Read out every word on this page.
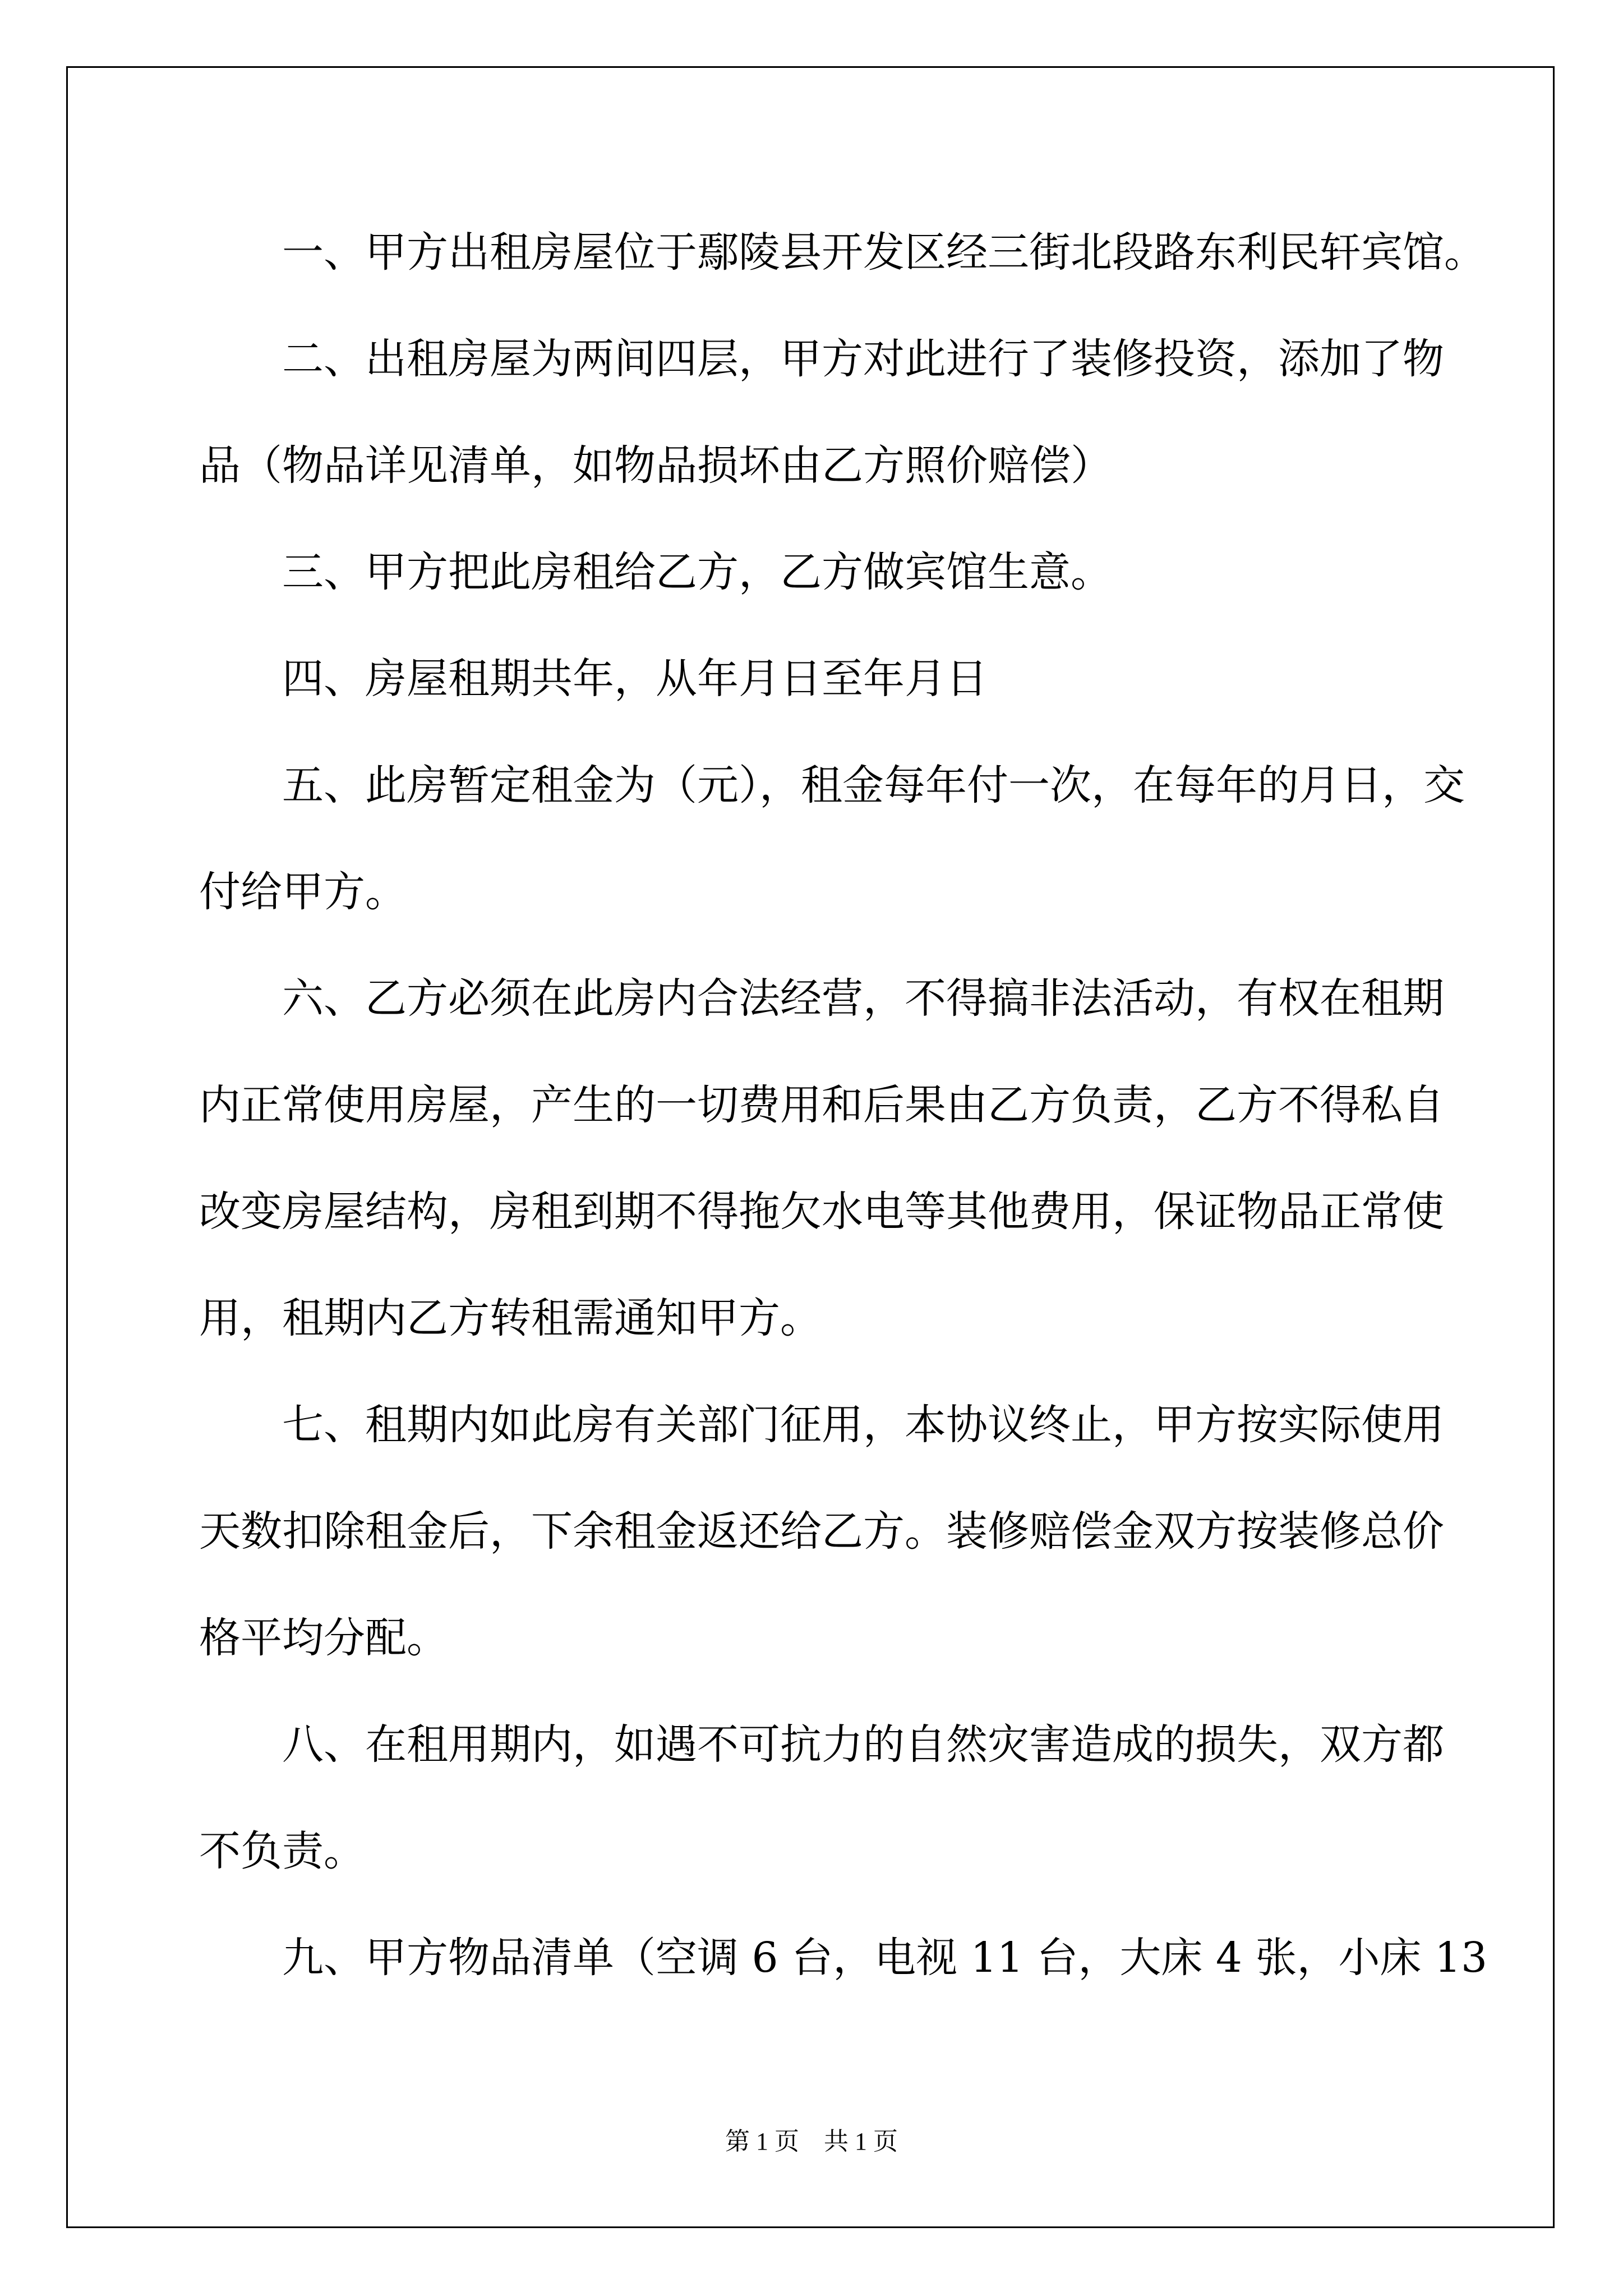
一、甲方出租房屋位于鄢陵县开发区经三街北段路东利民轩宾馆。
二、出租房屋为两间四层，甲方对此进行了装修投资，添加了物
品（物品详见清单，如物品损坏由乙方照价赔偿）
三、甲方把此房租给乙方，乙方做宾馆生意。
四、房屋租期共年，从年月日至年月日
五、此房暂定租金为（元），租金每年付一次，在每年的月日，交
付给甲方。
六、乙方必须在此房内合法经营，不得搞非法活动，有权在租期
内正常使用房屋，产生的一切费用和后果由乙方负责，乙方不得私自
改变房屋结构，房租到期不得拖欠水电等其他费用，保证物品正常使
用，租期内乙方转租需通知甲方。
七、租期内如此房有关部门征用，本协议终止，甲方按实际使用
天数扣除租金后，下余租金返还给乙方。装修赔偿金双方按装修总价
格平均分配。
八、在租用期内，如遇不可抗力的自然灾害造成的损失，双方都
不负责。
九、甲方物品清单（空调 6 台，电视 11 台，大床 4 张，小床 13
第 1 页 共 1 页
